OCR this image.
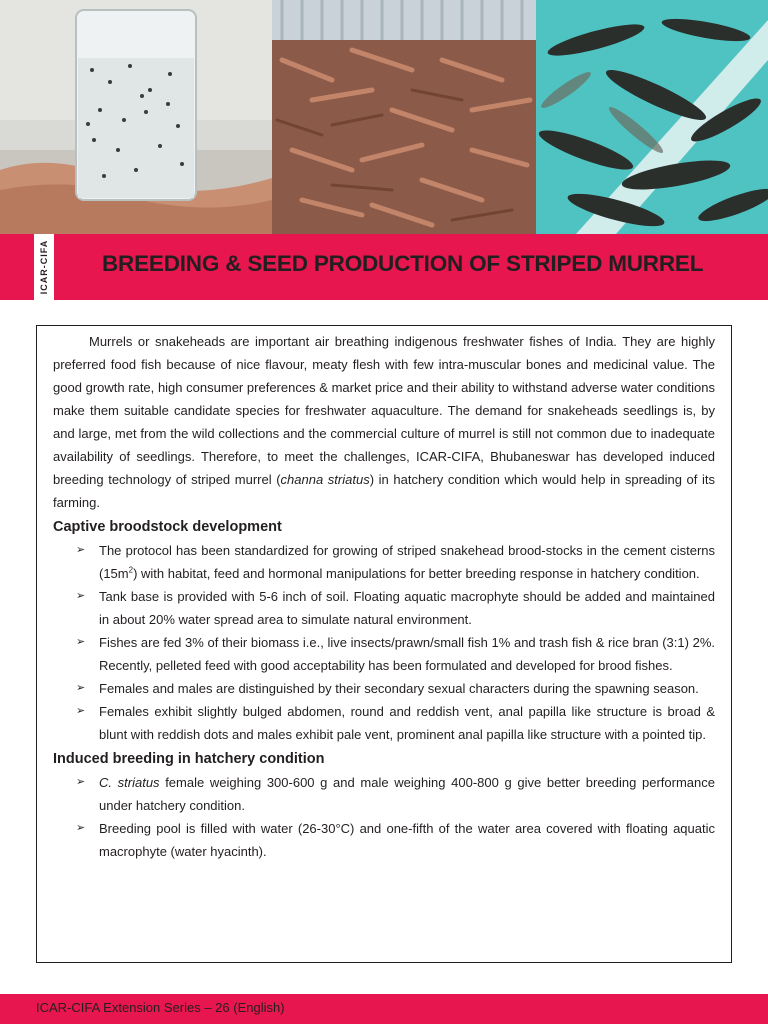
ICAR-CIFA BREEDING & SEED PRODUCTION OF STRIPED MURREL

Murrels or snakeheads are important air breathing indigenous freshwater fishes of India. They are highly preferred food fish because of nice flavour, meaty flesh with few intra-muscular bones and medicinal value. The good growth rate, high consumer preferences & market price and their ability to withstand adverse water conditions make them suitable candidate species for freshwater aquaculture. The demand for snakeheads seedlings is, by and large, met from the wild collections and the commercial culture of murrel is still not common due to inadequate availability of seedlings. Therefore, to meet the challenges, ICAR-CIFA, Bhubaneswar has developed induced breeding technology of striped murrel (channa striatus) in hatchery condition which would help in spreading of its farming.

Captive broodstock development
➢ The protocol has been standardized for growing of striped snakehead brood-stocks in the cement cisterns $(15m^2)$ with habitat, feed and hormonal manipulations for better breeding response in hatchery condition.
➢ Tank base is provided with 5-6 inch of soil. Floating aquatic macrophyte should be added and maintained in about 20% water spread area to simulate natural environment.
➢ Fishes are fed 3% of their biomass i.e., live insects/prawn/small fish 1% and trash fish & rice bran (3:1) 2%. Recently, pelleted feed with good acceptability has been formulated and developed for brood fishes.
➢ Females and males are distinguished by their secondary sexual characters during the spawning season.
➢ Females exhibit slightly bulged abdomen, round and reddish vent, anal papilla like structure is broad & blunt with reddish dots and males exhibit pale vent, prominent anal papilla like structure with a pointed tip.
Induced breeding in hatchery condition
➢ C. striatus female weighing 300-600 g and male weighing 400-800 g give better breeding performance under hatchery condition.
➢ Breeding pool is filled with water (26-30°C) and one-fifth of the water area covered with floating aquatic macrophyte (water hyacinth).
ICAR-CIFA Extension Series – 26 (English)
